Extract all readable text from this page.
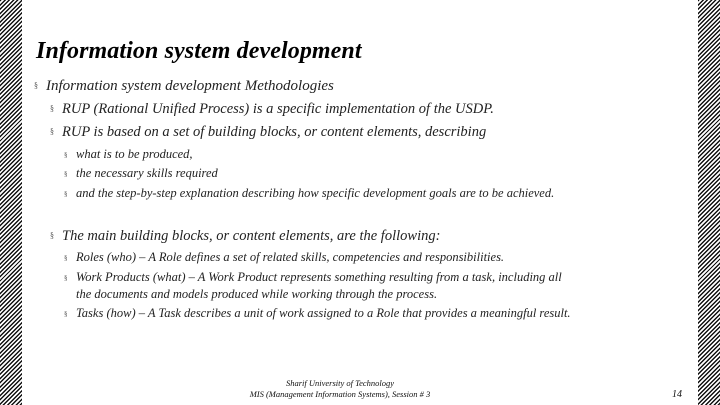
Information system development
§ Information system development Methodologies
§ RUP (Rational Unified Process) is a specific implementation of the USDP.
§ RUP is based on a set of building blocks, or content elements, describing
§ what is to be produced,
§ the necessary skills required
§ and the step-by-step explanation describing how specific development goals are to be achieved.
§ The main building blocks, or content elements, are the following:
§ Roles (who) – A Role defines a set of related skills, competencies and responsibilities.
§ Work Products (what) – A Work Product represents something resulting from a task, including all
the documents and models produced while working through the process.
§ Tasks (how) – A Task describes a unit of work assigned to a Role that provides a meaningful result.
Sharif University of Technology
MIS (Management Information Systems), Session # 3	14
